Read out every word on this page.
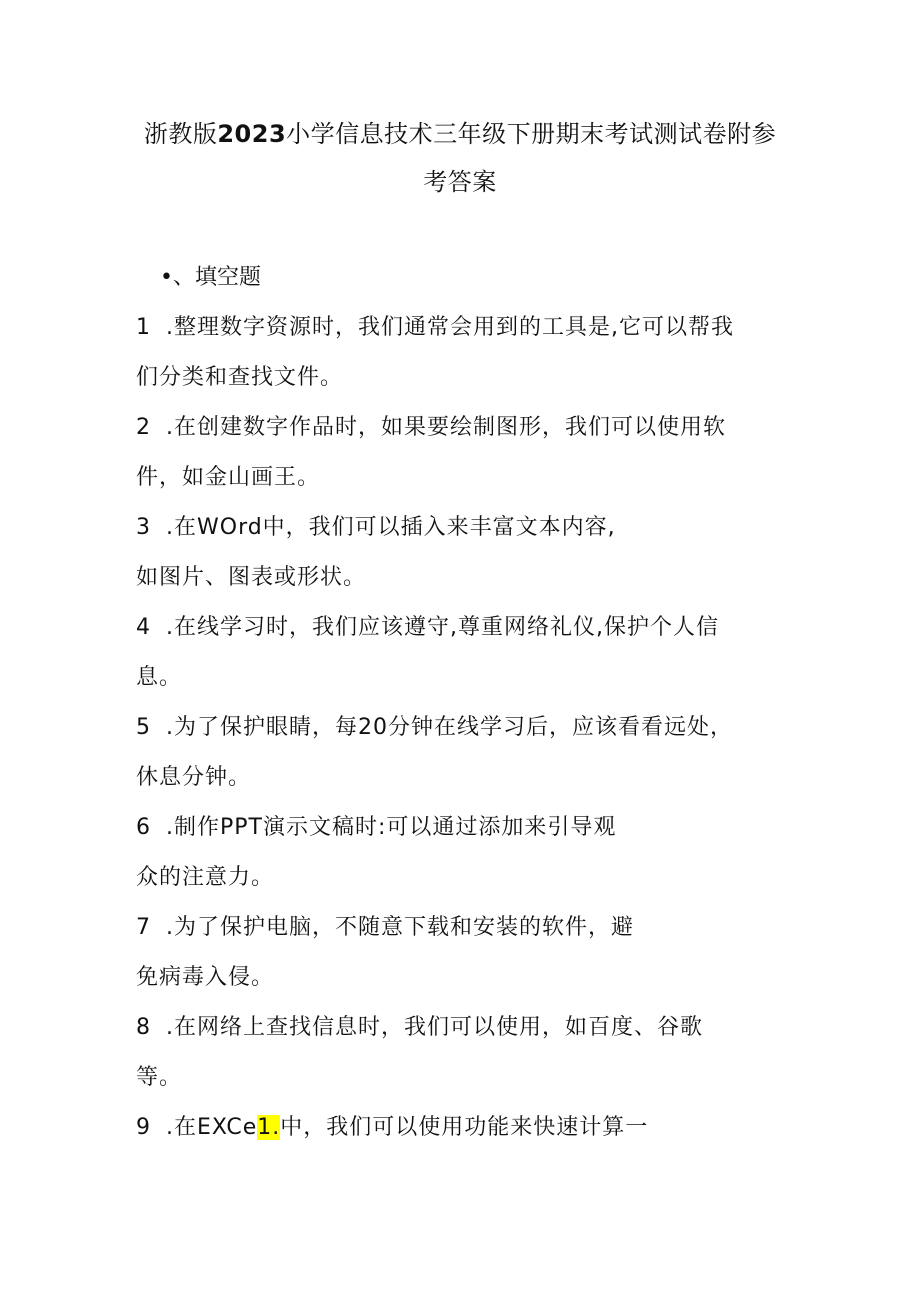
浙教版2023小学信息技术三年级下册期末考试测试卷附参
考答案
•、填空题
1 .整理数字资源时，我们通常会用到的工具是,它可以帮我
们分类和查找文件。
2 .在创建数字作品时，如果要绘制图形，我们可以使用软
件，如金山画王。
3 .在WOrd中，我们可以插入来丰富文本内容,
如图片、图表或形状。
4 .在线学习时，我们应该遵守,尊重网络礼仪,保护个人信
息。
5 .为了保护眼睛，每20分钟在线学习后，应该看看远处，
休息分钟。
6 .制作PPT演示文稿时:可以通过添加来引导观
众的注意力。
7 .为了保护电脑，不随意下载和安装的软件，避
免病毒入侵。
8 .在网络上查找信息时，我们可以使用，如百度、谷歌
等。
9 .在EXCe1.中，我们可以使用功能来快速计算一
